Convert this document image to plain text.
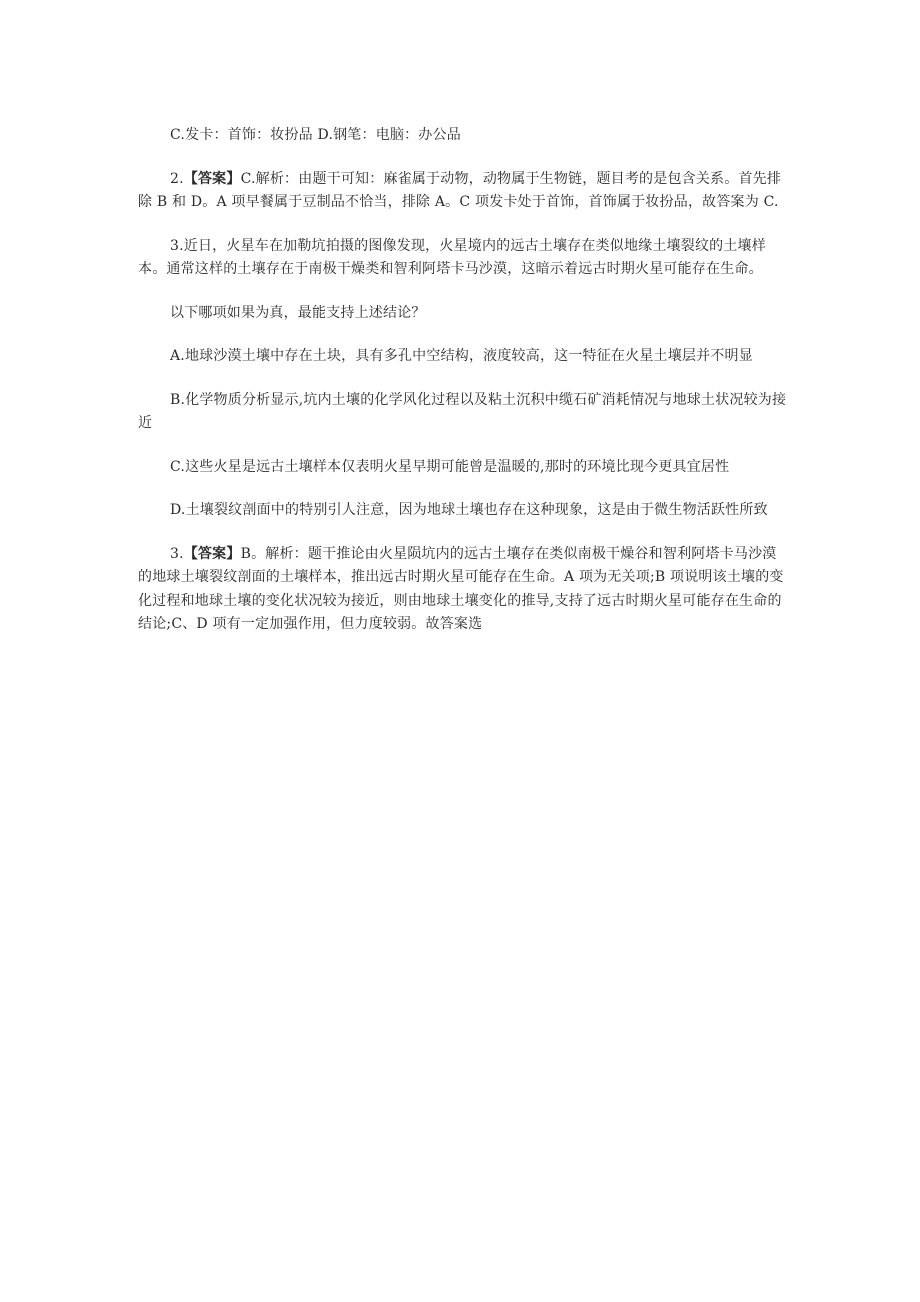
C.发卡：首饰：妆扮品 D.钢笔：电脑：办公品

2.【答案】C.解析：由题干可知：麻雀属于动物，动物属于生物链，题目考的是包含关系。首先排除 B 和 D。A 项早餐属于豆制品不恰当，排除 A。C 项发卡处于首饰，首饰属于妆扮品，故答案为 C.

3.近日，火星车在加勒坑拍摄的图像发现，火星境内的远古土壤存在类似地缘土壤裂纹的土壤样本。通常这样的土壤存在于南极干燥类和智利阿塔卡马沙漠，这暗示着远古时期火星可能存在生命。

以下哪项如果为真，最能支持上述结论？

A.地球沙漠土壤中存在土块，具有多孔中空结构，液度较高，这一特征在火星土壤层并不明显

B.化学物质分析显示,坑内土壤的化学风化过程以及粘土沉积中缆石矿消耗情况与地球土状况较为接近

C.这些火星是远古土壤样本仅表明火星早期可能曾是温暖的,那时的环境比现今更具宜居性

D.土壤裂纹剖面中的特别引人注意，因为地球土壤也存在这种现象，这是由于微生物活跃性所致

3.【答案】B。解析：题干推论由火星陨坑内的远古土壤存在类似南极干燥谷和智利阿塔卡马沙漠的地球土壤裂纹剖面的土壤样本，推出远古时期火星可能存在生命。A 项为无关项;B 项说明该土壤的变化过程和地球土壤的变化状况较为接近，则由地球土壤变化的推导,支持了远古时期火星可能存在生命的结论;C、D 项有一定加强作用，但力度较弱。故答案选
